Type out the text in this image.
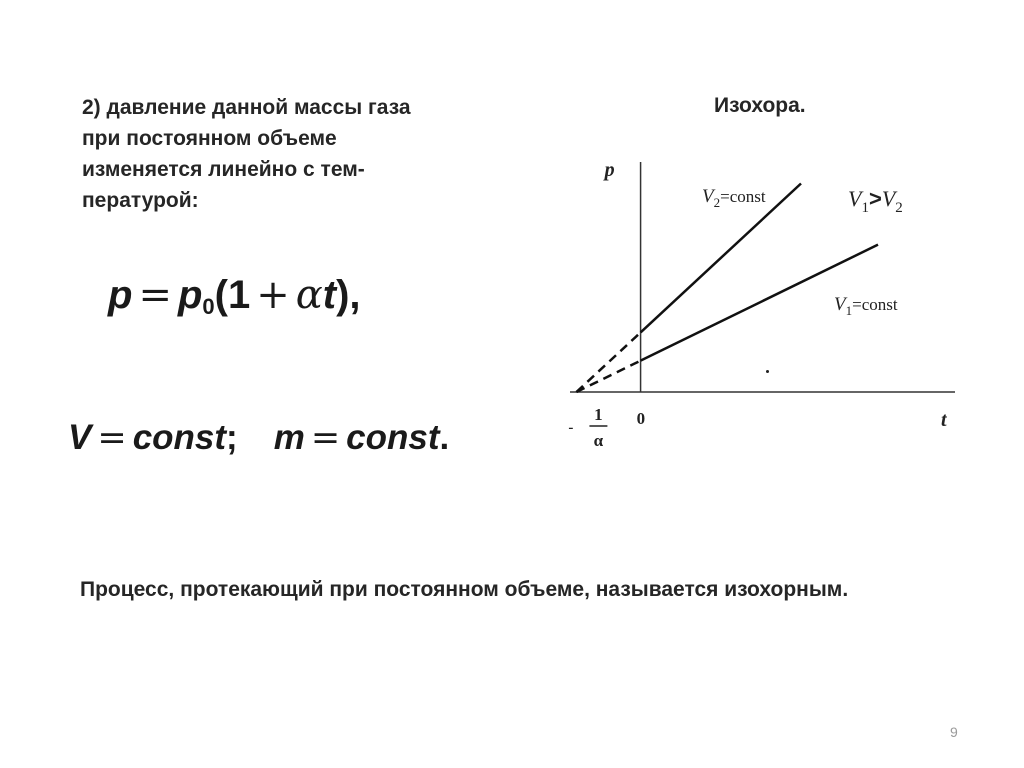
2) давление данной массы газа
при постоянном объеме
изменяется линейно с тем-
пературой:
$p = p_0(1 + \alpha t)$,
V = const; m = const.
Изохора.
p
t
0
-
1
α
$V_2=const$
$V_1=const$
$V_1>V_2$
Процесс, протекающий при постоянном объеме, называется изохорным.
9
